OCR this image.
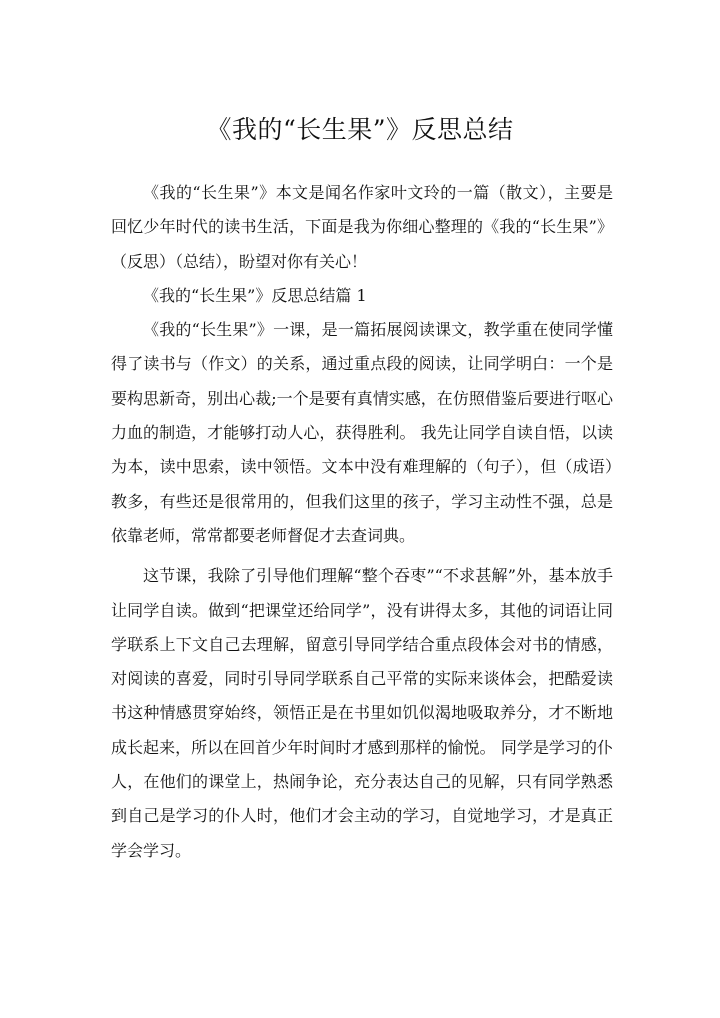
《我的“长生果”》反思总结

《我的“长生果”》本文是闻名作家叶文玲的一篇（散文），主要是回忆少年时代的读书生活，下面是我为你细心整理的《我的“长生果”》（反思）（总结），盼望对你有关心！

《我的“长生果”》反思总结篇 1

《我的“长生果”》一课，是一篇拓展阅读课文，教学重在使同学懂得了读书与（作文）的关系，通过重点段的阅读，让同学明白：一个是要构思新奇，别出心裁;一个是要有真情实感，在仿照借鉴后要进行呕心力血的制造，才能够打动人心，获得胜利。 我先让同学自读自悟，以读为本，读中思索，读中领悟。文本中没有难理解的（句子），但（成语）教多，有些还是很常用的，但我们这里的孩子，学习主动性不强，总是依靠老师，常常都要老师督促才去查词典。

这节课，我除了引导他们理解“整个吞枣”“不求甚解”外，基本放手让同学自读。做到“把课堂还给同学”，没有讲得太多，其他的词语让同学联系上下文自己去理解，留意引导同学结合重点段体会对书的情感，对阅读的喜爱，同时引导同学联系自己平常的实际来谈体会，把酷爱读书这种情感贯穿始终，领悟正是在书里如饥似渴地吸取养分，才不断地成长起来，所以在回首少年时间时才感到那样的愉悦。 同学是学习的仆人，在他们的课堂上，热闹争论，充分表达自己的见解，只有同学熟悉到自己是学习的仆人时，他们才会主动的学习，自觉地学习，才是真正学会学习。
